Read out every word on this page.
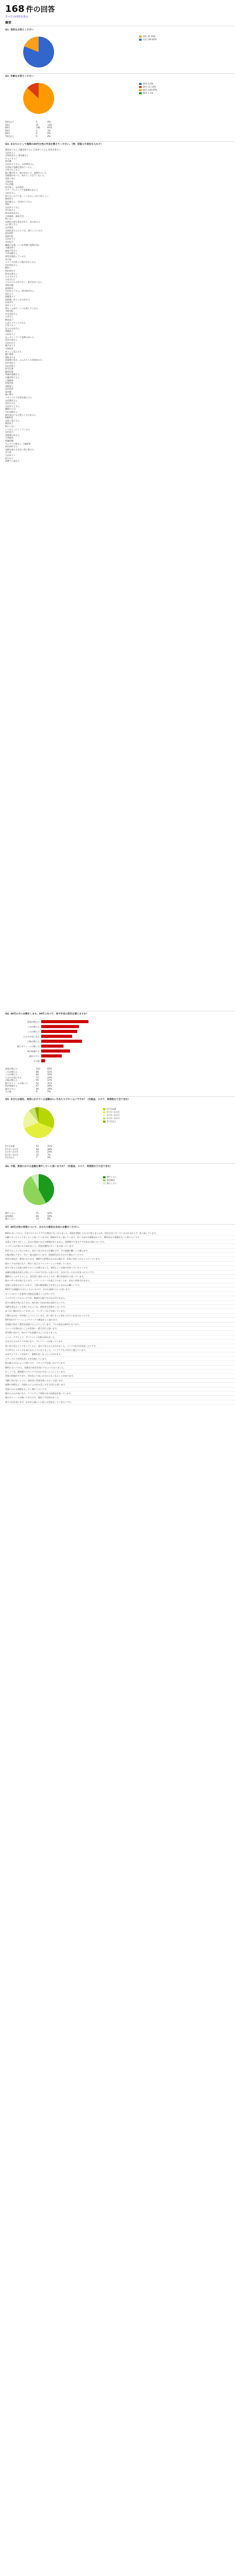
168 件の回答
すべての回答を表示
概要
Q1. 性別をお答えください
男性 32 19%
女性 136 81%
Q2. 年齢をお答えください
20代 0 0%
30代 21 13%
40代 146 87%
50代 1 1%
20代以下	0	0%
30代	21	13%
40代	146	87%
50代	1	1%
60代	0	0%
70代以上	0	0%
Q3. あなたにとって理想の40代女性の外見を教えてください。（例：芸能人や身近な人など）
篠原涼子さん 吉瀬美智子さん 石田ゆり子さん 鈴木京香さん
石田ゆり子
天海祐希さん 黒木瞳さん
キョンキョン
黒木瞳
石田ゆり子さん、永作博美さん
自然体で年齢を重ねている人
小泉今日子さん
髪に艶があり、肌がきれいで、姿勢がよい人
清潔感があって、若作りしすぎていない人
君島十和子
天海祐希
中山美穂
松雪泰子、永作博美
ナチュラルメイクで清潔感のある人
吉田羊さん
知り合いのママ友。いつもおしゃれで若々しい
篠原涼子
黒木瞳さん、石田ゆり子さん
YOU
石田ゆり子さん
井川遥さん
鈴木保奈美さん
小林麻耶、森高千里
特になし
年相応の落ち着きがあり、品のある人
山口智子さん
永作博美
天海祐希さんのような、凛としている人
原田知世
高岡早紀
石田ゆり子
木村佳乃
職場の先輩。いつも笑顔で姿勢が良い
吉瀬美智子
森高千里さん
今井美樹さん
体型を維持している人
井川遥
スタイルが良くて髪がきれいな人
内田有紀さん
檀れい
黒田知永子
鈴木京香さん
ともさかりえ
小泉今日子
しわやたるみが少なく、肌がきれいな人
菅野美穂
深津絵里
石田ゆり子さん、原田知世さん
宮沢りえ
松嶋菜々子
清潔感、若々しさのある人
米倉涼子
真木よう子
明るく元気で、いつも楽しそうな人
水野美紀
中谷美紀さん
小雪さん
飯島直子
上品でナチュラルな人
江角マキコ
友人のお母さん
常盤貴子
石田ゆり子
ほっそりしていて姿勢の良い人
近所の奥さん
石田ひかり
観月ありさ
天海祐希
若々しく見える人
瀬戸朝香
紺野まひる
清潔感のある、ふんわりした雰囲気の人
田中美佐子
羽田美智子
鈴木京香
藤原紀香
笑顔が素敵な人
吉瀬美智子さん
工藤静香
伊東美咲
浅野温子
安田成美
黒木瞳
森口博子
ナチュラルで自然な感じの人
永作博美さん
西田ひかる
石田ゆり子さん
職場の上司
中山美穂さん
歳を重ねても可愛らしさのある人
RIKACO
君島十和子さん
篠原涼子
特にいない
いつもにこにこしている人
木村佳乃
清潔感のある人
小林聡美
牧瀬里穂
キムタクの奥さん 工藤静香
原田知世さん
年齢を感じさせない肌と髪の人
井川遥
石田ゆり子
松たか子
清楚で上品な人
Q4. 40代の方にお聞きします。30代と比べて、体や外見の変化を感じますか？
体重が増えた
しわが増えた
しみが増えた
たるみが気になる
白髪が増えた
髪のボリュームが減った
肌が乾燥する
疲れやすい
その他
体重が増えた	110	65%
しわが増えた	88	52%
しみが増えた	84	50%
たるみが気になる	72	43%
白髪が増えた	95	57%
髪のボリュームが減った	52	31%
肌が乾燥する	67	40%
疲れやすい	48	29%
その他	9	5%
Q5. あなたは現在、美容にかけている金額は1ヶ月あたりどのくらいですか？（化粧品、エステ、美容院など全て含む）
5千円未満
5千円〜1万円
1万円〜2万円
2万円〜3万円
3万円以上
5千円未満	52	31%
5千円〜1万円	64	38%
1万円〜2万円	33	20%
2万円〜3万円	12	7%
3万円以上	7	4%
Q6. 今後、美容にかける金額を増やしたいと思いますか？（化粧品、エステ、美容院などの全て含む）
増やしたい
現状維持
減らしたい
増やしたい	71	42%
現状維持	84	50%
減らしたい	13	8%
Q7. 40代女性の美容について、あなたの意見を自由にお書きください。
40代になってから、今までのスキンケアでは物足りなくなりました。保湿を重視したものに変えましたが、何が自分に合っているのか分からず、色々試しています。
年齢に合ったメイクをしたいと思っていますが、情報が少なく困っています。若い人向けの情報ばかりで、40代向けの情報をもっと知りたいです。
仕事と子育てで忙しく、自分の美容にかける時間がありません。短時間でできるケアがあれば知りたいです。
シミやしわが気になり始めました。美容皮膚科に行くべきか迷っています。
若作りはしたくないけれど、老けて見られるのも嫌なので、その加減が難しいと感じます。
白髪が増えてきて、月に一度は染めています。美容院代がかさむので悩みどころです。
体型の変化が一番気になります。運動する時間もなかなか取れず、食事に気をつけるようにしています。
肌のくすみが気になり、明るく見えるファンデーションを探しています。
周りの友人と美容の話をすることが増えました。皆同じような悩みを持っているようです。
高価な化粧品を使えば良いというわけではないと思うので、自分に合ったものを見つけたいです。
睡眠をしっかりとること、食生活に気をつけることが一番の美容法だと思っています。
髪のパサつきが気になります。トリートメントを変えてみましたが、あまり改善されません。
美容にお金をかけたいけれど、子供の教育費などを考えるとなかなか難しいです。
40代でも綺麗な人はたくさんいるので、自分も頑張りたいと思います。
ネットの口コミを参考に化粧品を選ぶことが多いです。
エステに行ってみたいですが、勧誘が心配でなかなか行けません。
毛穴の開きが気になります。何か良い方法があれば知りたいです。
年齢を重ねることを楽しめるような、前向きな美容をしたいです。
ほうれい線が目立ってきました。マッサージなどを試しています。
日焼け止めは一年中使うようにしています。若い頃にもっと気をつけていればよかったです。
40代向けのファッションやメイクの雑誌をよく読みます。
美容院で似合う髪型を相談するようにしています。プロの意見は参考になります。
ストレスを溜めないことが美容に一番大切だと思います。
更年期に向けて、体のケアも意識するようになりました。
インナーケアとして、サプリメントを飲み始めました。
目元のたるみやクマが気になり、アイクリームを使っています。
若い頃と同じメイクをしていると、老けて見えると言われました。メイクの仕方を見直したいです。
手の甲のシミやしわも気になるようになりました。ハンドケアも大切だと感じています。
ヨガやピラティスを始めて、姿勢が良くなったと言われます。
ナチュラルで自然な美しさを目指しています。
肌の調子が日によって違うので、スキンケアを使い分けています。
40代になってから、化粧品の成分を気にするようになりました。
忙しくても、最低限のスキンケアは欠かさないようにしています。
美容の情報が多すぎて、何を信じて良いか分からなくなることがあります。
年齢に負けないように、前向きに美容を楽しみたいと思います。
姿勢や表情など、内面からにじみ出る美しさも大切だと思います。
美容にかける時間をもう少し増やしたいです。
顔のたるみが気になり、リフトアップ効果のある化粧品を使っています。
髪のボリュームが減ってきたので、頭皮ケアを始めました。
周りの目を気にせず、自分が心地よいと思える美容をしていきたいです。
